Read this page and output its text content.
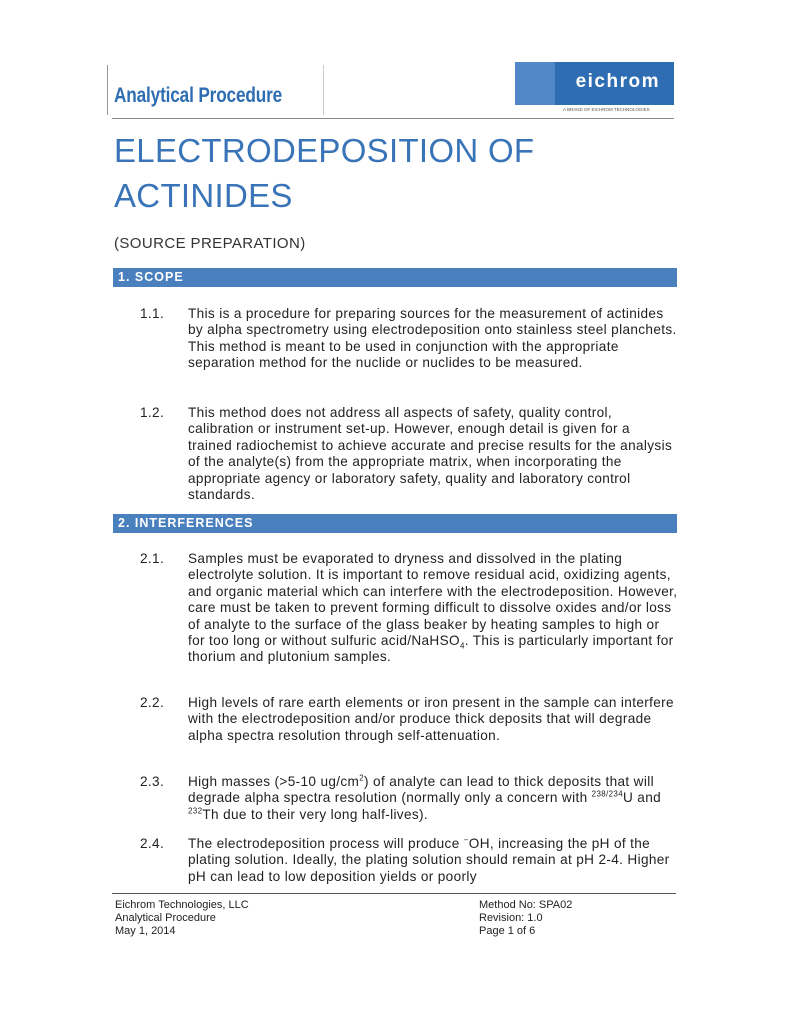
Analytical Procedure
eichrom
A BRAND OF EICHROM TECHNOLOGIES
ELECTRODEPOSITION OF
ACTINIDES
(SOURCE PREPARATION)
1. SCOPE
1.1. This is a procedure for preparing sources for the measurement of actinides by alpha spectrometry using electrodeposition onto stainless steel planchets. This method is meant to be used in conjunction with the appropriate separation method for the nuclide or nuclides to be measured.
1.2. This method does not address all aspects of safety, quality control, calibration or instrument set-up. However, enough detail is given for a trained radiochemist to achieve accurate and precise results for the analysis of the analyte(s) from the appropriate matrix, when incorporating the appropriate agency or laboratory safety, quality and laboratory control standards.
2. INTERFERENCES
2.1. Samples must be evaporated to dryness and dissolved in the plating electrolyte solution. It is important to remove residual acid, oxidizing agents, and organic material which can interfere with the electrodeposition. However, care must be taken to prevent forming difficult to dissolve oxides and/or loss of analyte to the surface of the glass beaker by heating samples to high or for too long or without sulfuric acid/NaHSO$_4$. This is particularly important for thorium and plutonium samples.
2.2. High levels of rare earth elements or iron present in the sample can interfere with the electrodeposition and/or produce thick deposits that will degrade alpha spectra resolution through self-attenuation.
2.3. High masses (>5-10 $ug/cm^2$) of analyte can lead to thick deposits that will degrade alpha spectra resolution (normally only a concern with $^{238/234}$U and $^{232}$Th due to their very long half-lives).
2.4. The electrodeposition process will produce −OH, increasing the pH of the plating solution. Ideally, the plating solution should remain at pH 2-4. Higher pH can lead to low deposition yields or poorly
Eichrom Technologies, LLC
Analytical Procedure
May 1, 2014
Method No: SPA02
Revision: 1.0
Page 1 of 6
